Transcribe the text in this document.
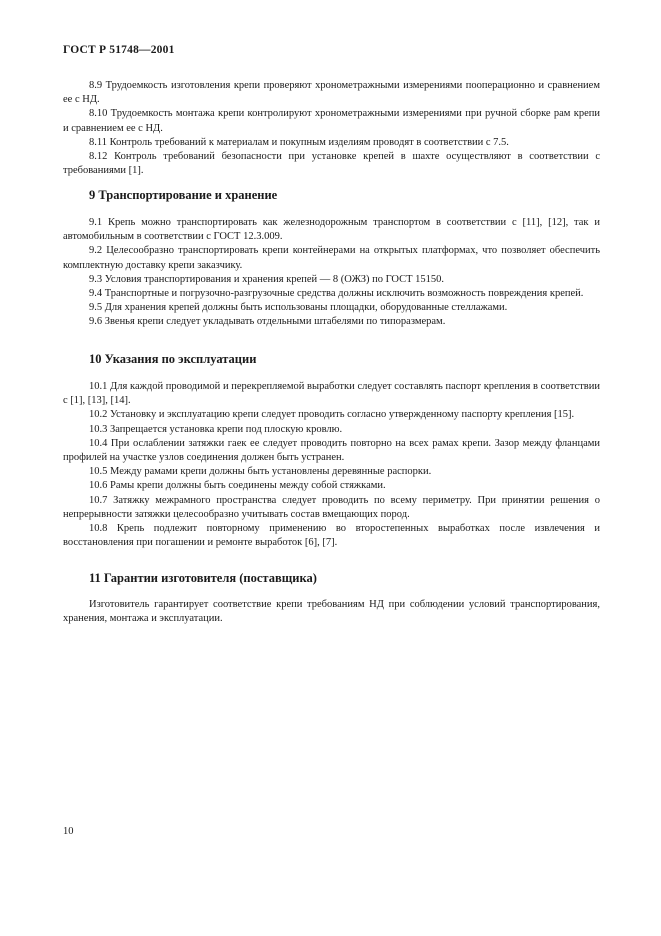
ГОСТ Р 51748—2001

8.9 Трудоемкость изготовления крепи проверяют хронометражными измерениями пооперационно и сравнением ее с НД.

8.10 Трудоемкость монтажа крепи контролируют хронометражными измерениями при ручной сборке рам крепи и сравнением ее с НД.

8.11 Контроль требований к материалам и покупным изделиям проводят в соответствии с 7.5.

8.12 Контроль требований безопасности при установке крепей в шахте осуществляют в соответствии с требованиями [1].

9 Транспортирование и хранение

9.1 Крепь можно транспортировать как железнодорожным транспортом в соответствии с [11], [12], так и автомобильным в соответствии с ГОСТ 12.3.009.

9.2 Целесообразно транспортировать крепи контейнерами на открытых платформах, что позволяет обеспечить комплектную доставку крепи заказчику.

9.3 Условия транспортирования и хранения крепей — 8 (ОЖЗ) по ГОСТ 15150.

9.4 Транспортные и погрузочно-разгрузочные средства должны исключить возможность повреждения крепей.

9.5 Для хранения крепей должны быть использованы площадки, оборудованные стеллажами.

9.6 Звенья крепи следует укладывать отдельными штабелями по типоразмерам.

10 Указания по эксплуатации

10.1 Для каждой проводимой и перекрепляемой выработки следует составлять паспорт крепления в соответствии с [1], [13], [14].

10.2 Установку и эксплуатацию крепи следует проводить согласно утвержденному паспорту крепления [15].

10.3 Запрещается установка крепи под плоскую кровлю.

10.4 При ослаблении затяжки гаек ее следует проводить повторно на всех рамах крепи. Зазор между фланцами профилей на участке узлов соединения должен быть устранен.

10.5 Между рамами крепи должны быть установлены деревянные распорки.

10.6 Рамы крепи должны быть соединены между собой стяжками.

10.7 Затяжку межрамного пространства следует проводить по всему периметру. При принятии решения о непрерывности затяжки целесообразно учитывать состав вмещающих пород.

10.8 Крепь подлежит повторному применению во второстепенных выработках после извлечения и восстановления при погашении и ремонте выработок [6], [7].

11 Гарантии изготовителя (поставщика)

Изготовитель гарантирует соответствие крепи требованиям НД при соблюдении условий транспортирования, хранения, монтажа и эксплуатации.

10
